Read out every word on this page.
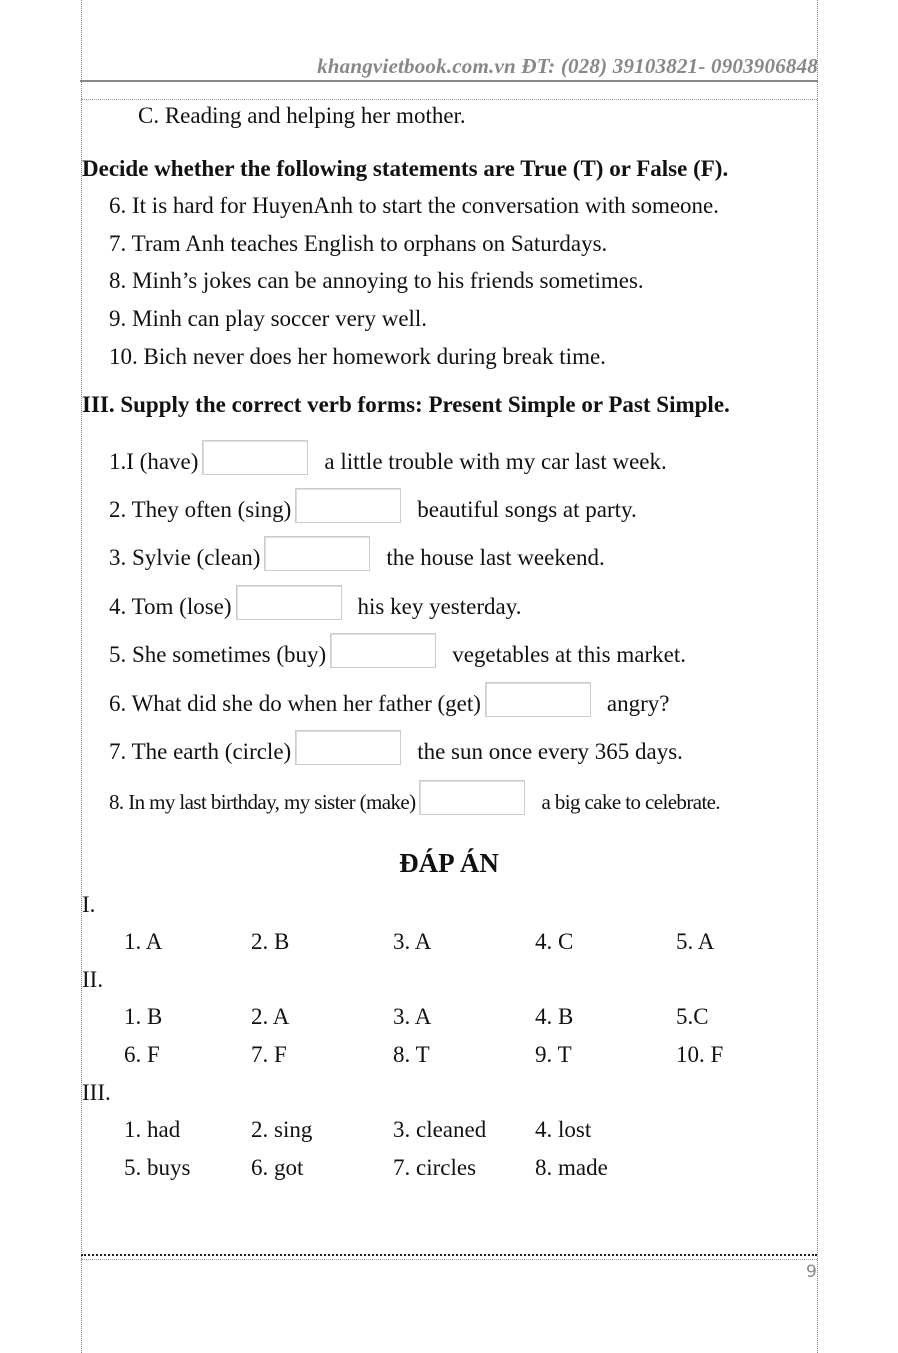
khangvietbook.com.vn ĐT: (028) 39103821- 0903906848
C. Reading and helping her mother.
Decide whether the following statements are True (T) or False (F).
6. It is hard for HuyenAnh to start the conversation with someone.
7. Tram Anh teaches English to orphans on Saturdays.
8. Minh’s jokes can be annoying to his friends sometimes.
9. Minh can play soccer very well.
10. Bich never does her homework during break time.
III. Supply the correct verb forms: Present Simple or Past Simple.
1.I (have)	a little trouble with my car last week.
2. They often (sing)	beautiful songs at party.
3. Sylvie (clean)	the house last weekend.
4. Tom (lose)	his key yesterday.
5. She sometimes (buy)	vegetables at this market.
6. What did she do when her father (get)	angry?
7. The earth (circle)	the sun once every 365 days.
8. In my last birthday, my sister (make)	a big cake to celebrate.
ĐÁP ÁN
I.
1. A	2. B	3. A	4. C	5. A
II.
1. B	2. A	3. A	4. B	5.C
6. F	7. F	8. T	9. T	10. F
III.
1. had	2. sing	3. cleaned 4. lost
5. buys	6. got	7. circles	8. made
9
